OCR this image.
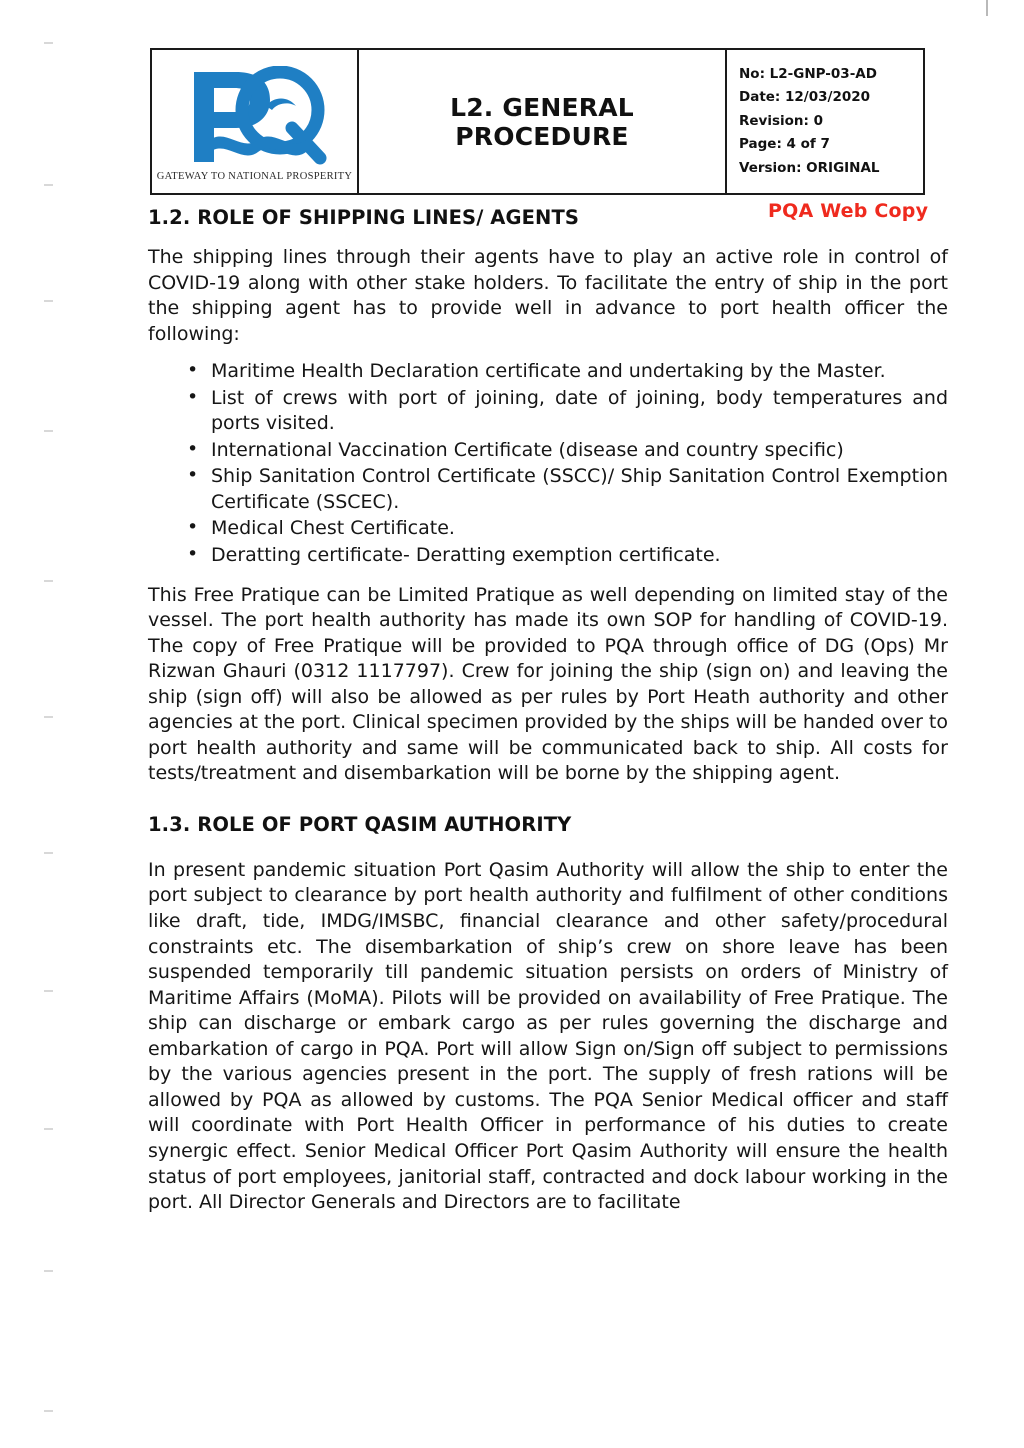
GATEWAY TO NATIONAL PROSPERITY
L2. GENERAL PROCEDURE
No: L2-GNP-03-AD
Date: 12/03/2020
Revision: 0
Page: 4 of 7
Version: ORIGINAL
PQA Web Copy
1.2. ROLE OF SHIPPING LINES/ AGENTS

The shipping lines through their agents have to play an active role in control of COVID-19 along with other stake holders. To facilitate the entry of ship in the port the shipping agent has to provide well in advance to port health officer the following:

• Maritime Health Declaration certificate and undertaking by the Master.
• List of crews with port of joining, date of joining, body temperatures and ports visited.
• International Vaccination Certificate (disease and country specific)
• Ship Sanitation Control Certificate (SSCC)/ Ship Sanitation Control Exemption Certificate (SSCEC).
• Medical Chest Certificate.
• Deratting certificate- Deratting exemption certificate.

This Free Pratique can be Limited Pratique as well depending on limited stay of the vessel. The port health authority has made its own SOP for handling of COVID-19. The copy of Free Pratique will be provided to PQA through office of DG (Ops) Mr Rizwan Ghauri (0312 1117797). Crew for joining the ship (sign on) and leaving the ship (sign off) will also be allowed as per rules by Port Heath authority and other agencies at the port. Clinical specimen provided by the ships will be handed over to port health authority and same will be communicated back to ship. All costs for tests/treatment and disembarkation will be borne by the shipping agent.

1.3. ROLE OF PORT QASIM AUTHORITY

In present pandemic situation Port Qasim Authority will allow the ship to enter the port subject to clearance by port health authority and fulfilment of other conditions like draft, tide, IMDG/IMSBC, financial clearance and other safety/procedural constraints etc. The disembarkation of ship’s crew on shore leave has been suspended temporarily till pandemic situation persists on orders of Ministry of Maritime Affairs (MoMA). Pilots will be provided on availability of Free Pratique. The ship can discharge or embark cargo as per rules governing the discharge and embarkation of cargo in PQA. Port will allow Sign on/Sign off subject to permissions by the various agencies present in the port. The supply of fresh rations will be allowed by PQA as allowed by customs. The PQA Senior Medical officer and staff will coordinate with Port Health Officer in performance of his duties to create synergic effect. Senior Medical Officer Port Qasim Authority will ensure the health status of port employees, janitorial staff, contracted and dock labour working in the port. All Director Generals and Directors are to facilitate
